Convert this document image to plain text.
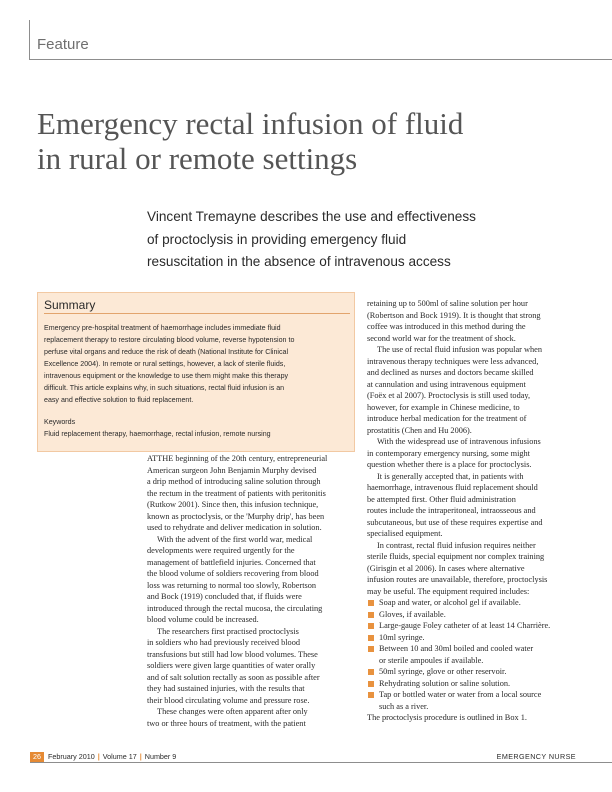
Feature
Emergency rectal infusion of fluid
in rural or remote settings

Vincent Tremayne describes the use and effectiveness
of proctoclysis in providing emergency fluid
resuscitation in the absence of intravenous access

Summary

Emergency pre-hospital treatment of haemorrhage includes immediate fluid
replacement therapy to restore circulating blood volume, reverse hypotension to
perfuse vital organs and reduce the risk of death (National Institute for Clinical
Excellence 2004). In remote or rural settings, however, a lack of sterile fluids,
intravenous equipment or the knowledge to use them might make this therapy
difficult. This article explains why, in such situations, rectal fluid infusion is an
easy and effective solution to fluid replacement.

Keywords
Fluid replacement therapy, haemorrhage, rectal infusion, remote nursing

ATTHE beginning of the 20th century, entrepreneurial
American surgeon John Benjamin Murphy devised
a drip method of introducing saline solution through
the rectum in the treatment of patients with peritonitis
(Rutkow 2001). Since then, this infusion technique,
known as proctoclysis, or the 'Murphy drip', has been
used to rehydrate and deliver medication in solution.

With the advent of the first world war, medical
developments were required urgently for the
management of battlefield injuries. Concerned that
the blood volume of soldiers recovering from blood
loss was returning to normal too slowly, Robertson
and Bock (1919) concluded that, if fluids were
introduced through the rectal mucosa, the circulating
blood volume could be increased.

The researchers first practised proctoclysis
in soldiers who had previously received blood
transfusions but still had low blood volumes. These
soldiers were given large quantities of water orally
and of salt solution rectally as soon as possible after
they had sustained injuries, with the results that
their blood circulating volume and pressure rose.

These changes were often apparent after only
two or three hours of treatment, with the patient

retaining up to 500ml of saline solution per hour
(Robertson and Bock 1919). It is thought that strong
coffee was introduced in this method during the
second world war for the treatment of shock.

The use of rectal fluid infusion was popular when
intravenous therapy techniques were less advanced,
and declined as nurses and doctors became skilled
at cannulation and using intravenous equipment
(Foëx et al 2007). Proctoclysis is still used today,
however, for example in Chinese medicine, to
introduce herbal medication for the treatment of
prostatitis (Chen and Hu 2006).

With the widespread use of intravenous infusions
in contemporary emergency nursing, some might
question whether there is a place for proctoclysis.

It is generally accepted that, in patients with
haemorrhage, intravenous fluid replacement should
be attempted first. Other fluid administration
routes include the intraperitoneal, intraosseous and
subcutaneous, but use of these requires expertise and
specialised equipment.

In contrast, rectal fluid infusion requires neither
sterile fluids, special equipment nor complex training
(Girisgin et al 2006). In cases where alternative
infusion routes are unavailable, therefore, proctoclysis
may be useful. The equipment required includes:

Soap and water, or alcohol gel if available.
Gloves, if available.
Large-gauge Foley catheter of at least 14 Charrière.
10ml syringe.
Between 10 and 30ml boiled and cooled water
or sterile ampoules if available.
50ml syringe, glove or other reservoir.
Rehydrating solution or saline solution.
Tap or bottled water or water from a local source
such as a river.

The proctoclysis procedure is outlined in Box 1.

26 February 2010 | Volume 17 | Number 9	EMERGENCY NURSE
